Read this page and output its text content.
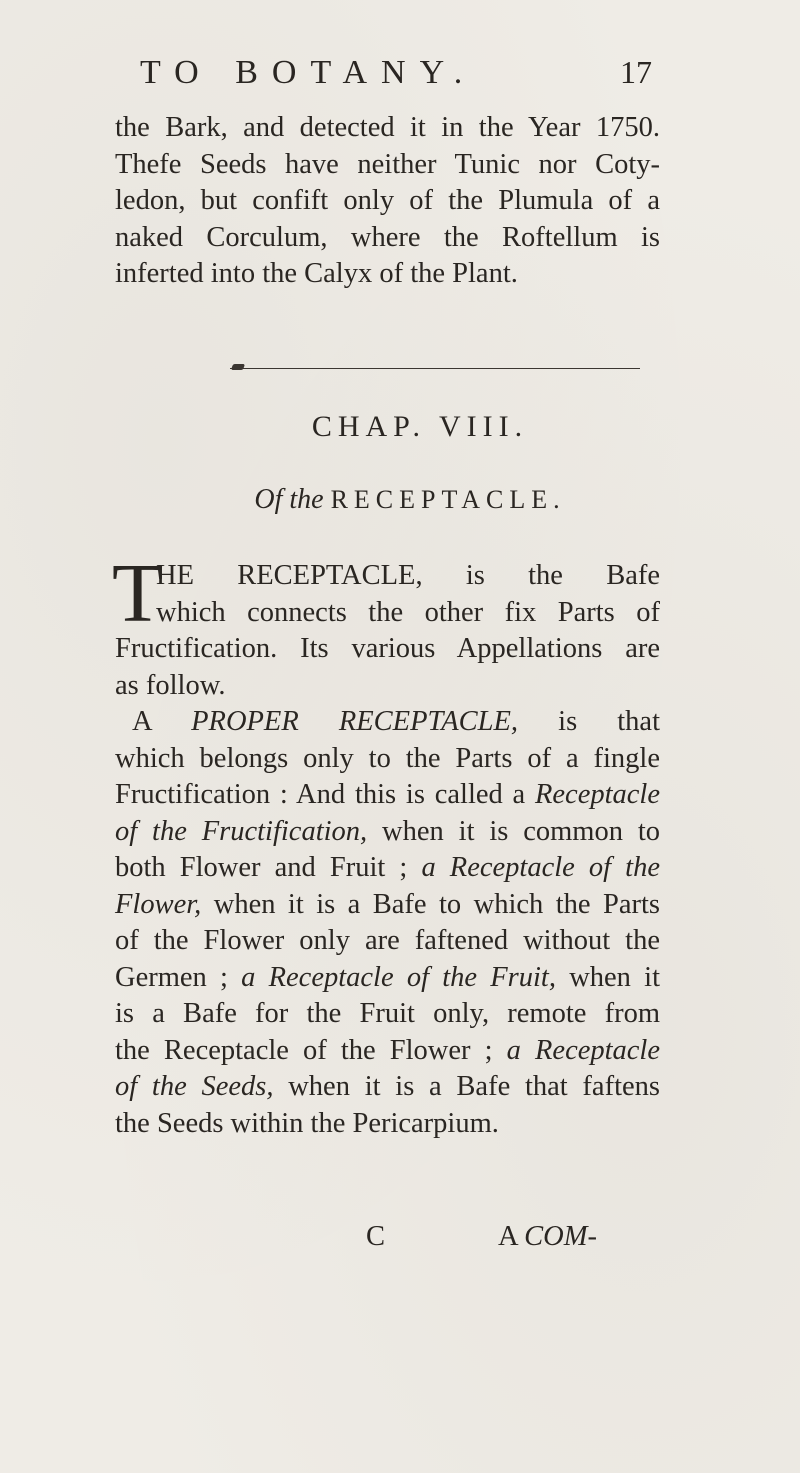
TO BOTANY.	17
the Bark, and detected it in the Year 1750.
Thefe Seeds have neither Tunic nor Coty-
ledon, but confift only of the Plumula of a
naked Corculum, where the Roftellum is
inferted into the Calyx of the Plant.
CHAP. VIII.
Of the RECEPTACLE.
T
HE RECEPTACLE, is the Bafe
which connects the other fix Parts of
Fructification. Its various Appellations are
as follow.
A PROPER RECEPTACLE, is that
which belongs only to the Parts of a fingle
Fructification : And this is called a Receptacle
of the Fructification, when it is common to
both Flower and Fruit ; a Receptacle of the
Flower, when it is a Bafe to which the Parts
of the Flower only are faftened without the
Germen ; a Receptacle of the Fruit, when it
is a Bafe for the Fruit only, remote from
the Receptacle of the Flower ; a Receptacle
of the Seeds, when it is a Bafe that faftens
the Seeds within the Pericarpium.
C	A COM-
